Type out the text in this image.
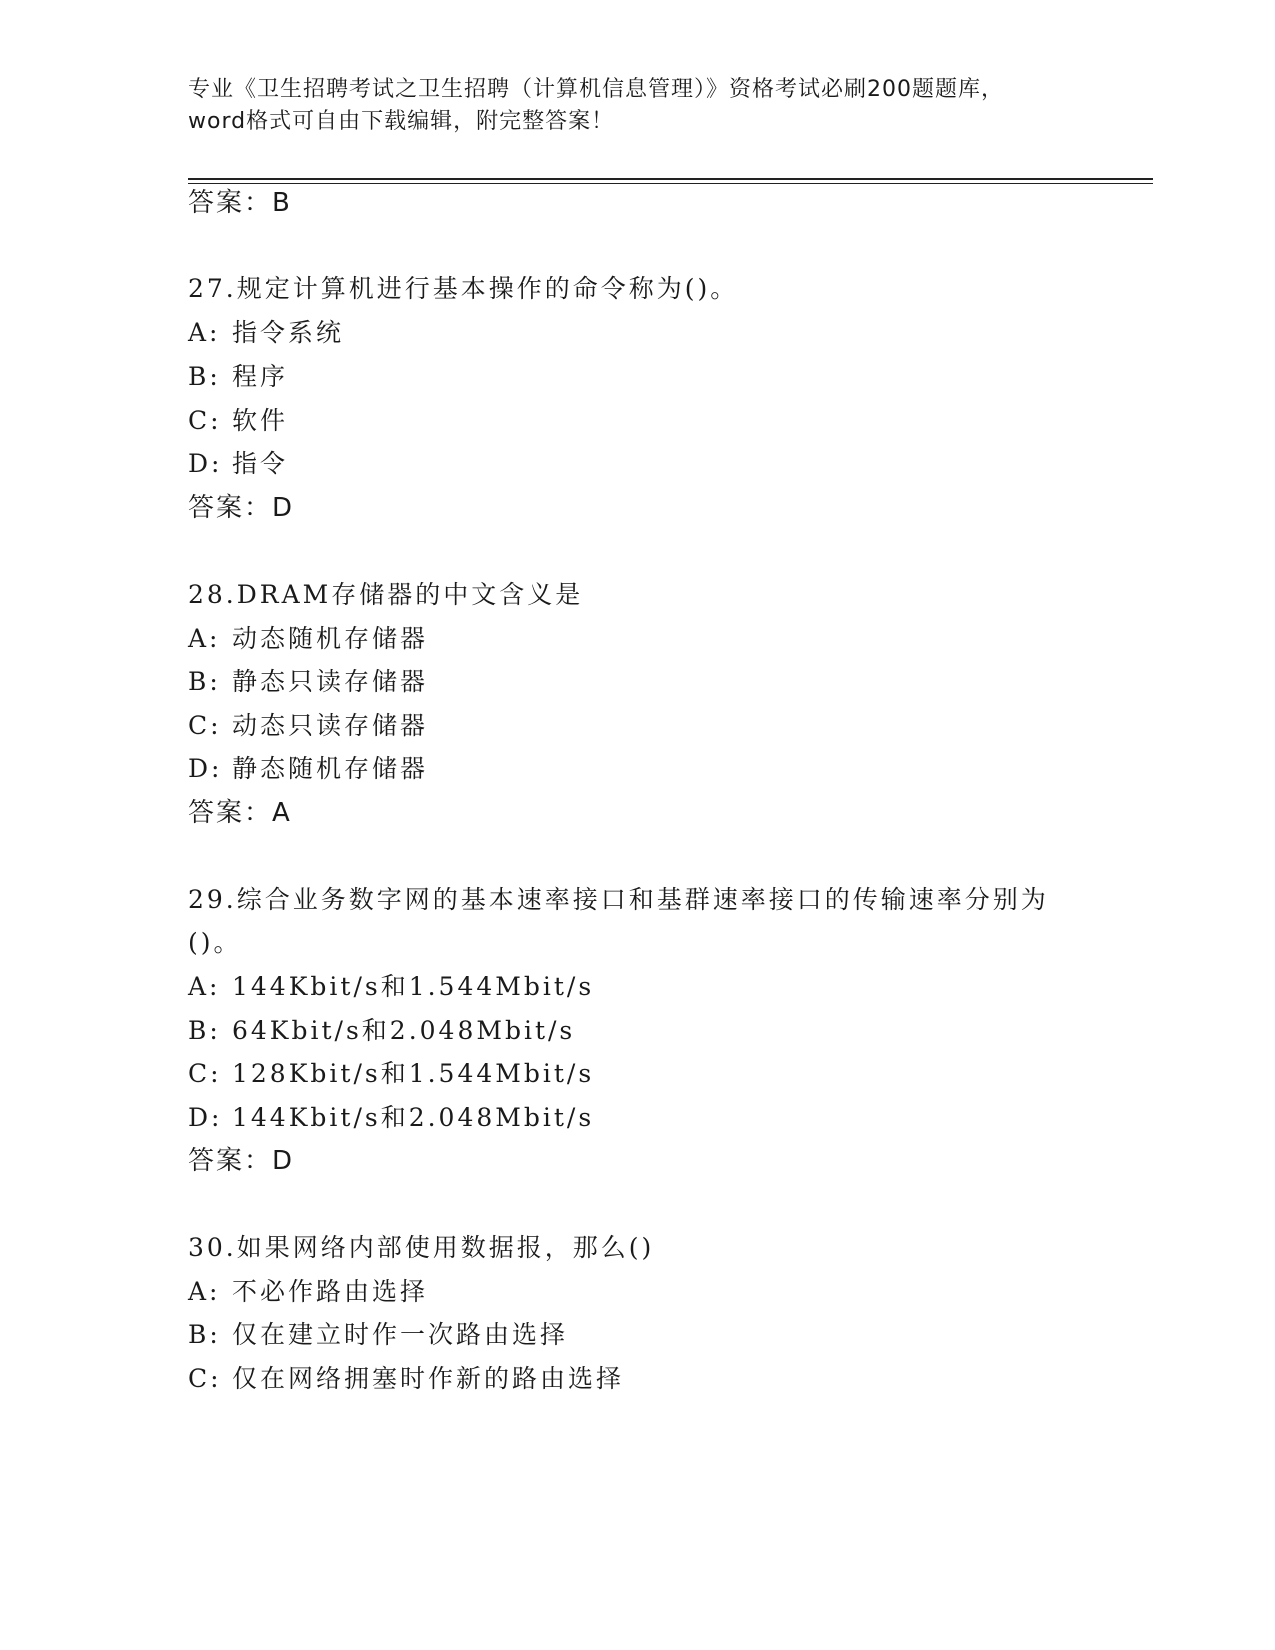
专业《卫生招聘考试之卫生招聘（计算机信息管理）》资格考试必刷200题题库，
word格式可自由下载编辑，附完整答案！
答案：B
27.规定计算机进行基本操作的命令称为()。
A: 指令系统
B: 程序
C: 软件
D: 指令
答案：D
28.DRAM存储器的中文含义是
A: 动态随机存储器
B: 静态只读存储器
C: 动态只读存储器
D: 静态随机存储器
答案：A
29.综合业务数字网的基本速率接口和基群速率接口的传输速率分别为
()。
A: 144Kbit/s和1.544Mbit/s
B: 64Kbit/s和2.048Mbit/s
C: 128Kbit/s和1.544Mbit/s
D: 144Kbit/s和2.048Mbit/s
答案：D
30.如果网络内部使用数据报，那么()
A: 不必作路由选择
B: 仅在建立时作一次路由选择
C: 仅在网络拥塞时作新的路由选择
